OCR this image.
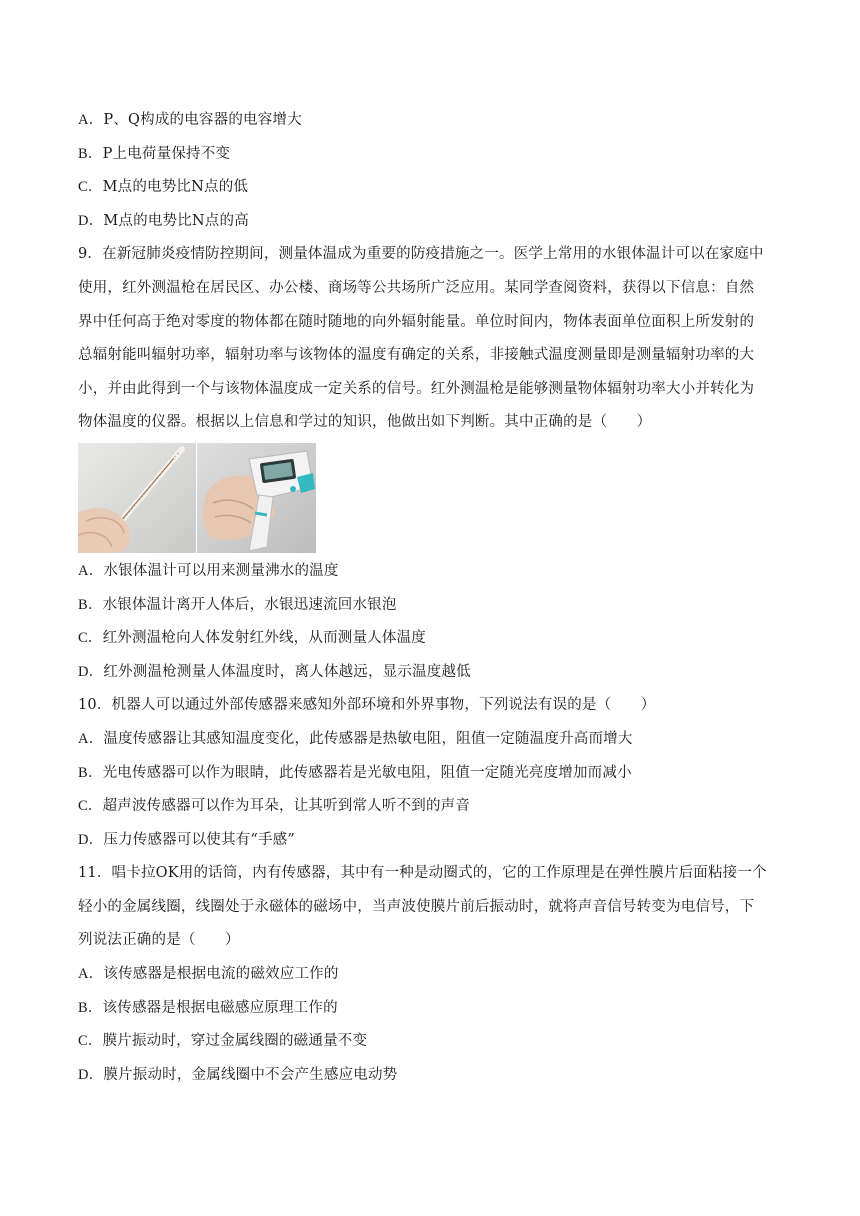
A．P、Q构成的电容器的电容增大
B．P上电荷量保持不变
C．M点的电势比N点的低
D．M点的电势比N点的高
9．在新冠肺炎疫情防控期间，测量体温成为重要的防疫措施之一。医学上常用的水银体温计可以在家庭中
使用，红外测温枪在居民区、办公楼、商场等公共场所广泛应用。某同学查阅资料，获得以下信息：自然
界中任何高于绝对零度的物体都在随时随地的向外辐射能量。单位时间内，物体表面单位面积上所发射的
总辐射能叫辐射功率，辐射功率与该物体的温度有确定的关系，非接触式温度测量即是测量辐射功率的大
小，并由此得到一个与该物体温度成一定关系的信号。红外测温枪是能够测量物体辐射功率大小并转化为
物体温度的仪器。根据以上信息和学过的知识，他做出如下判断。其中正确的是（　　）
A．水银体温计可以用来测量沸水的温度
B．水银体温计离开人体后，水银迅速流回水银泡
C．红外测温枪向人体发射红外线，从而测量人体温度
D．红外测温枪测量人体温度时，离人体越远，显示温度越低
10．机器人可以通过外部传感器来感知外部环境和外界事物，下列说法有误的是（　　）
A．温度传感器让其感知温度变化，此传感器是热敏电阻，阻值一定随温度升高而增大
B．光电传感器可以作为眼睛，此传感器若是光敏电阻，阻值一定随光亮度增加而减小
C．超声波传感器可以作为耳朵，让其听到常人听不到的声音
D．压力传感器可以使其有“手感”
11．唱卡拉OK用的话筒，内有传感器，其中有一种是动圈式的，它的工作原理是在弹性膜片后面粘接一个
轻小的金属线圈，线圈处于永磁体的磁场中，当声波使膜片前后振动时，就将声音信号转变为电信号，下
列说法正确的是（　　）
A．该传感器是根据电流的磁效应工作的
B．该传感器是根据电磁感应原理工作的
C．膜片振动时，穿过金属线圈的磁通量不变
D．膜片振动时，金属线圈中不会产生感应电动势
